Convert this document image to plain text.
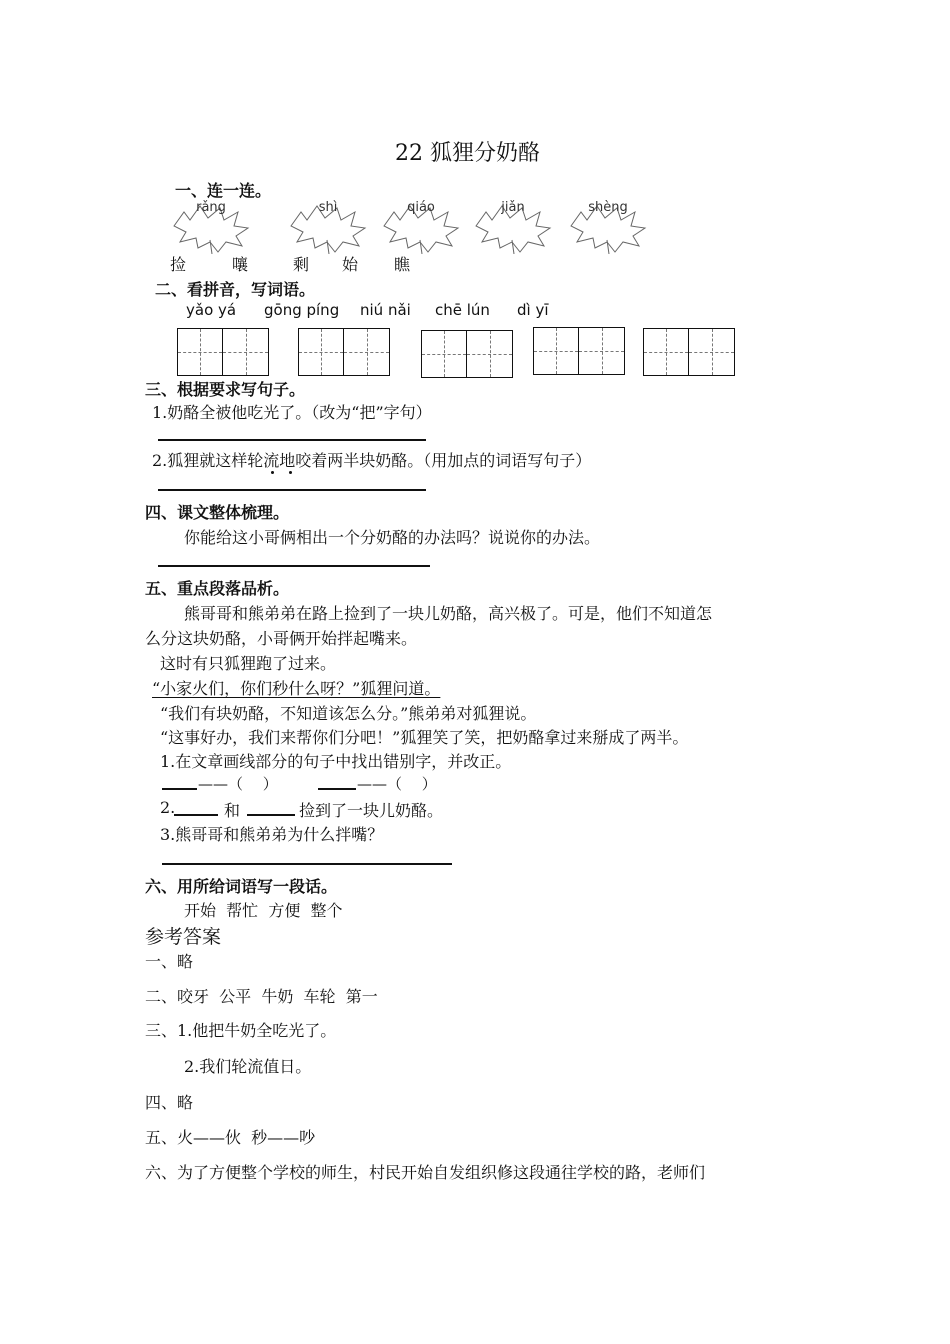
22 狐狸分奶酪
一、连一连。
rǎng	shì	qiáo	jiǎn	shèng
捡	嚷	剩 始 瞧
二、看拼音，写词语。
yǎo yá gōng píng niú nǎi chē lún dì yī
三、根据要求写句子。
1.奶酪全被他吃光了。（改为“把”字句）
2.狐狸就这样轮流地咬着两半块奶酪。（用加点的词语写句子）
四、课文整体梳理。
你能给这小哥俩相出一个分奶酪的办法吗？说说你的办法。
五、重点段落品析。
熊哥哥和熊弟弟在路上捡到了一块儿奶酪，高兴极了。可是，他们不知道怎
么分这块奶酪，小哥俩开始拌起嘴来。
这时有只狐狸跑了过来。
“小家火们，你们秒什么呀？”狐狸问道。
“我们有块奶酪，不知道该怎么分。”熊弟弟对狐狸说。
“这事好办，我们来帮你们分吧！”狐狸笑了笑，把奶酪拿过来掰成了两半。
1.在文章画线部分的句子中找出错别字，并改正。
——（　 ）	——（　 ）
2.	和	捡到了一块儿奶酪。
3.熊哥哥和熊弟弟为什么拌嘴？
六、用所给词语写一段话。
开始  帮忙  方便  整个
参考答案
一、略
二、咬牙  公平  牛奶  车轮  第一
三、1.他把牛奶全吃光了。
2.我们轮流值日。
四、略
五、火——伙  秒——吵
六、为了方便整个学校的师生，村民开始自发组织修这段通往学校的路，老师们
